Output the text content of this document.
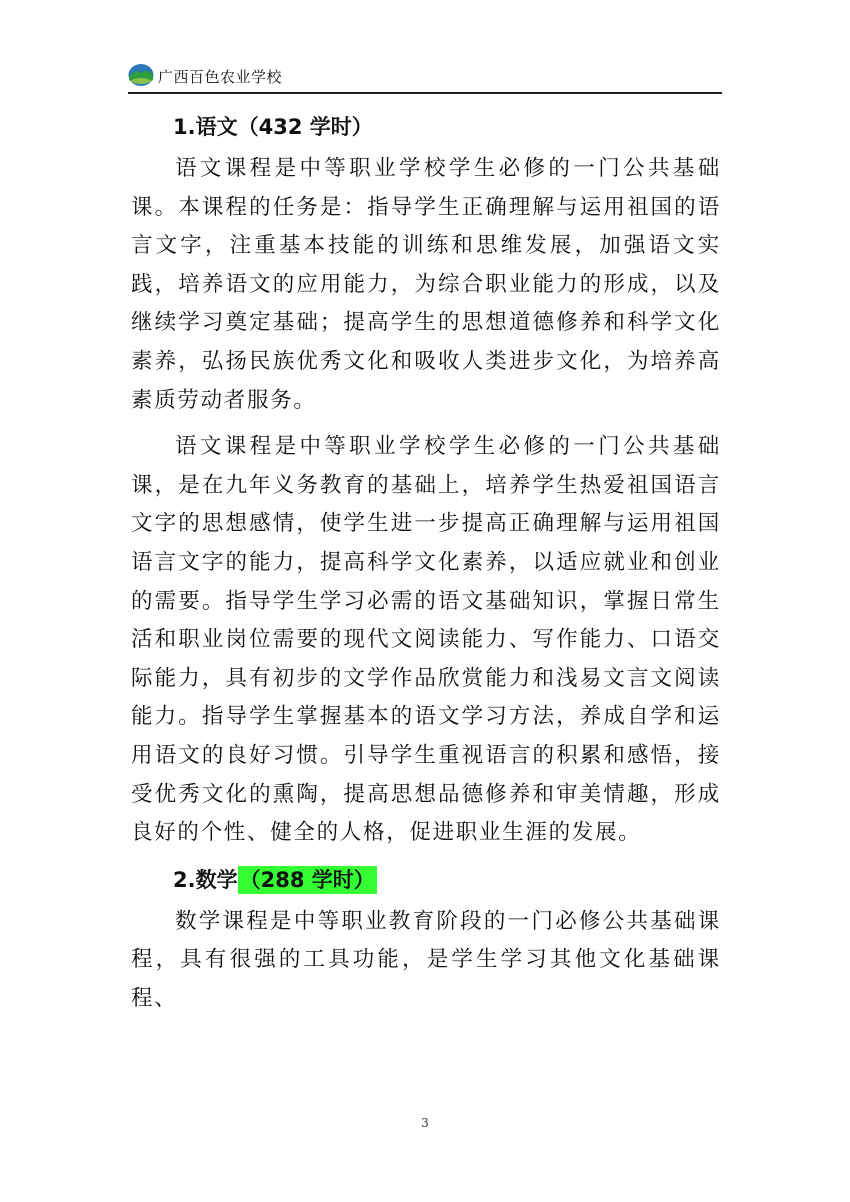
广西百色农业学校
1.语文（432 学时）

语文课程是中等职业学校学生必修的一门公共基础课。本课程的任务是：指导学生正确理解与运用祖国的语言文字，注重基本技能的训练和思维发展，加强语文实践，培养语文的应用能力，为综合职业能力的形成，以及继续学习奠定基础；提高学生的思想道德修养和科学文化素养，弘扬民族优秀文化和吸收人类进步文化，为培养高素质劳动者服务。

语文课程是中等职业学校学生必修的一门公共基础课，是在九年义务教育的基础上，培养学生热爱祖国语言文字的思想感情，使学生进一步提高正确理解与运用祖国语言文字的能力，提高科学文化素养，以适应就业和创业的需要。指导学生学习必需的语文基础知识，掌握日常生活和职业岗位需要的现代文阅读能力、写作能力、口语交际能力，具有初步的文学作品欣赏能力和浅易文言文阅读能力。指导学生掌握基本的语文学习方法，养成自学和运用语文的良好习惯。引导学生重视语言的积累和感悟，接受优秀文化的熏陶，提高思想品德修养和审美情趣，形成良好的个性、健全的人格，促进职业生涯的发展。

2.数学（288 学时）

数学课程是中等职业教育阶段的一门必修公共基础课程，具有很强的工具功能，是学生学习其他文化基础课程、

3
